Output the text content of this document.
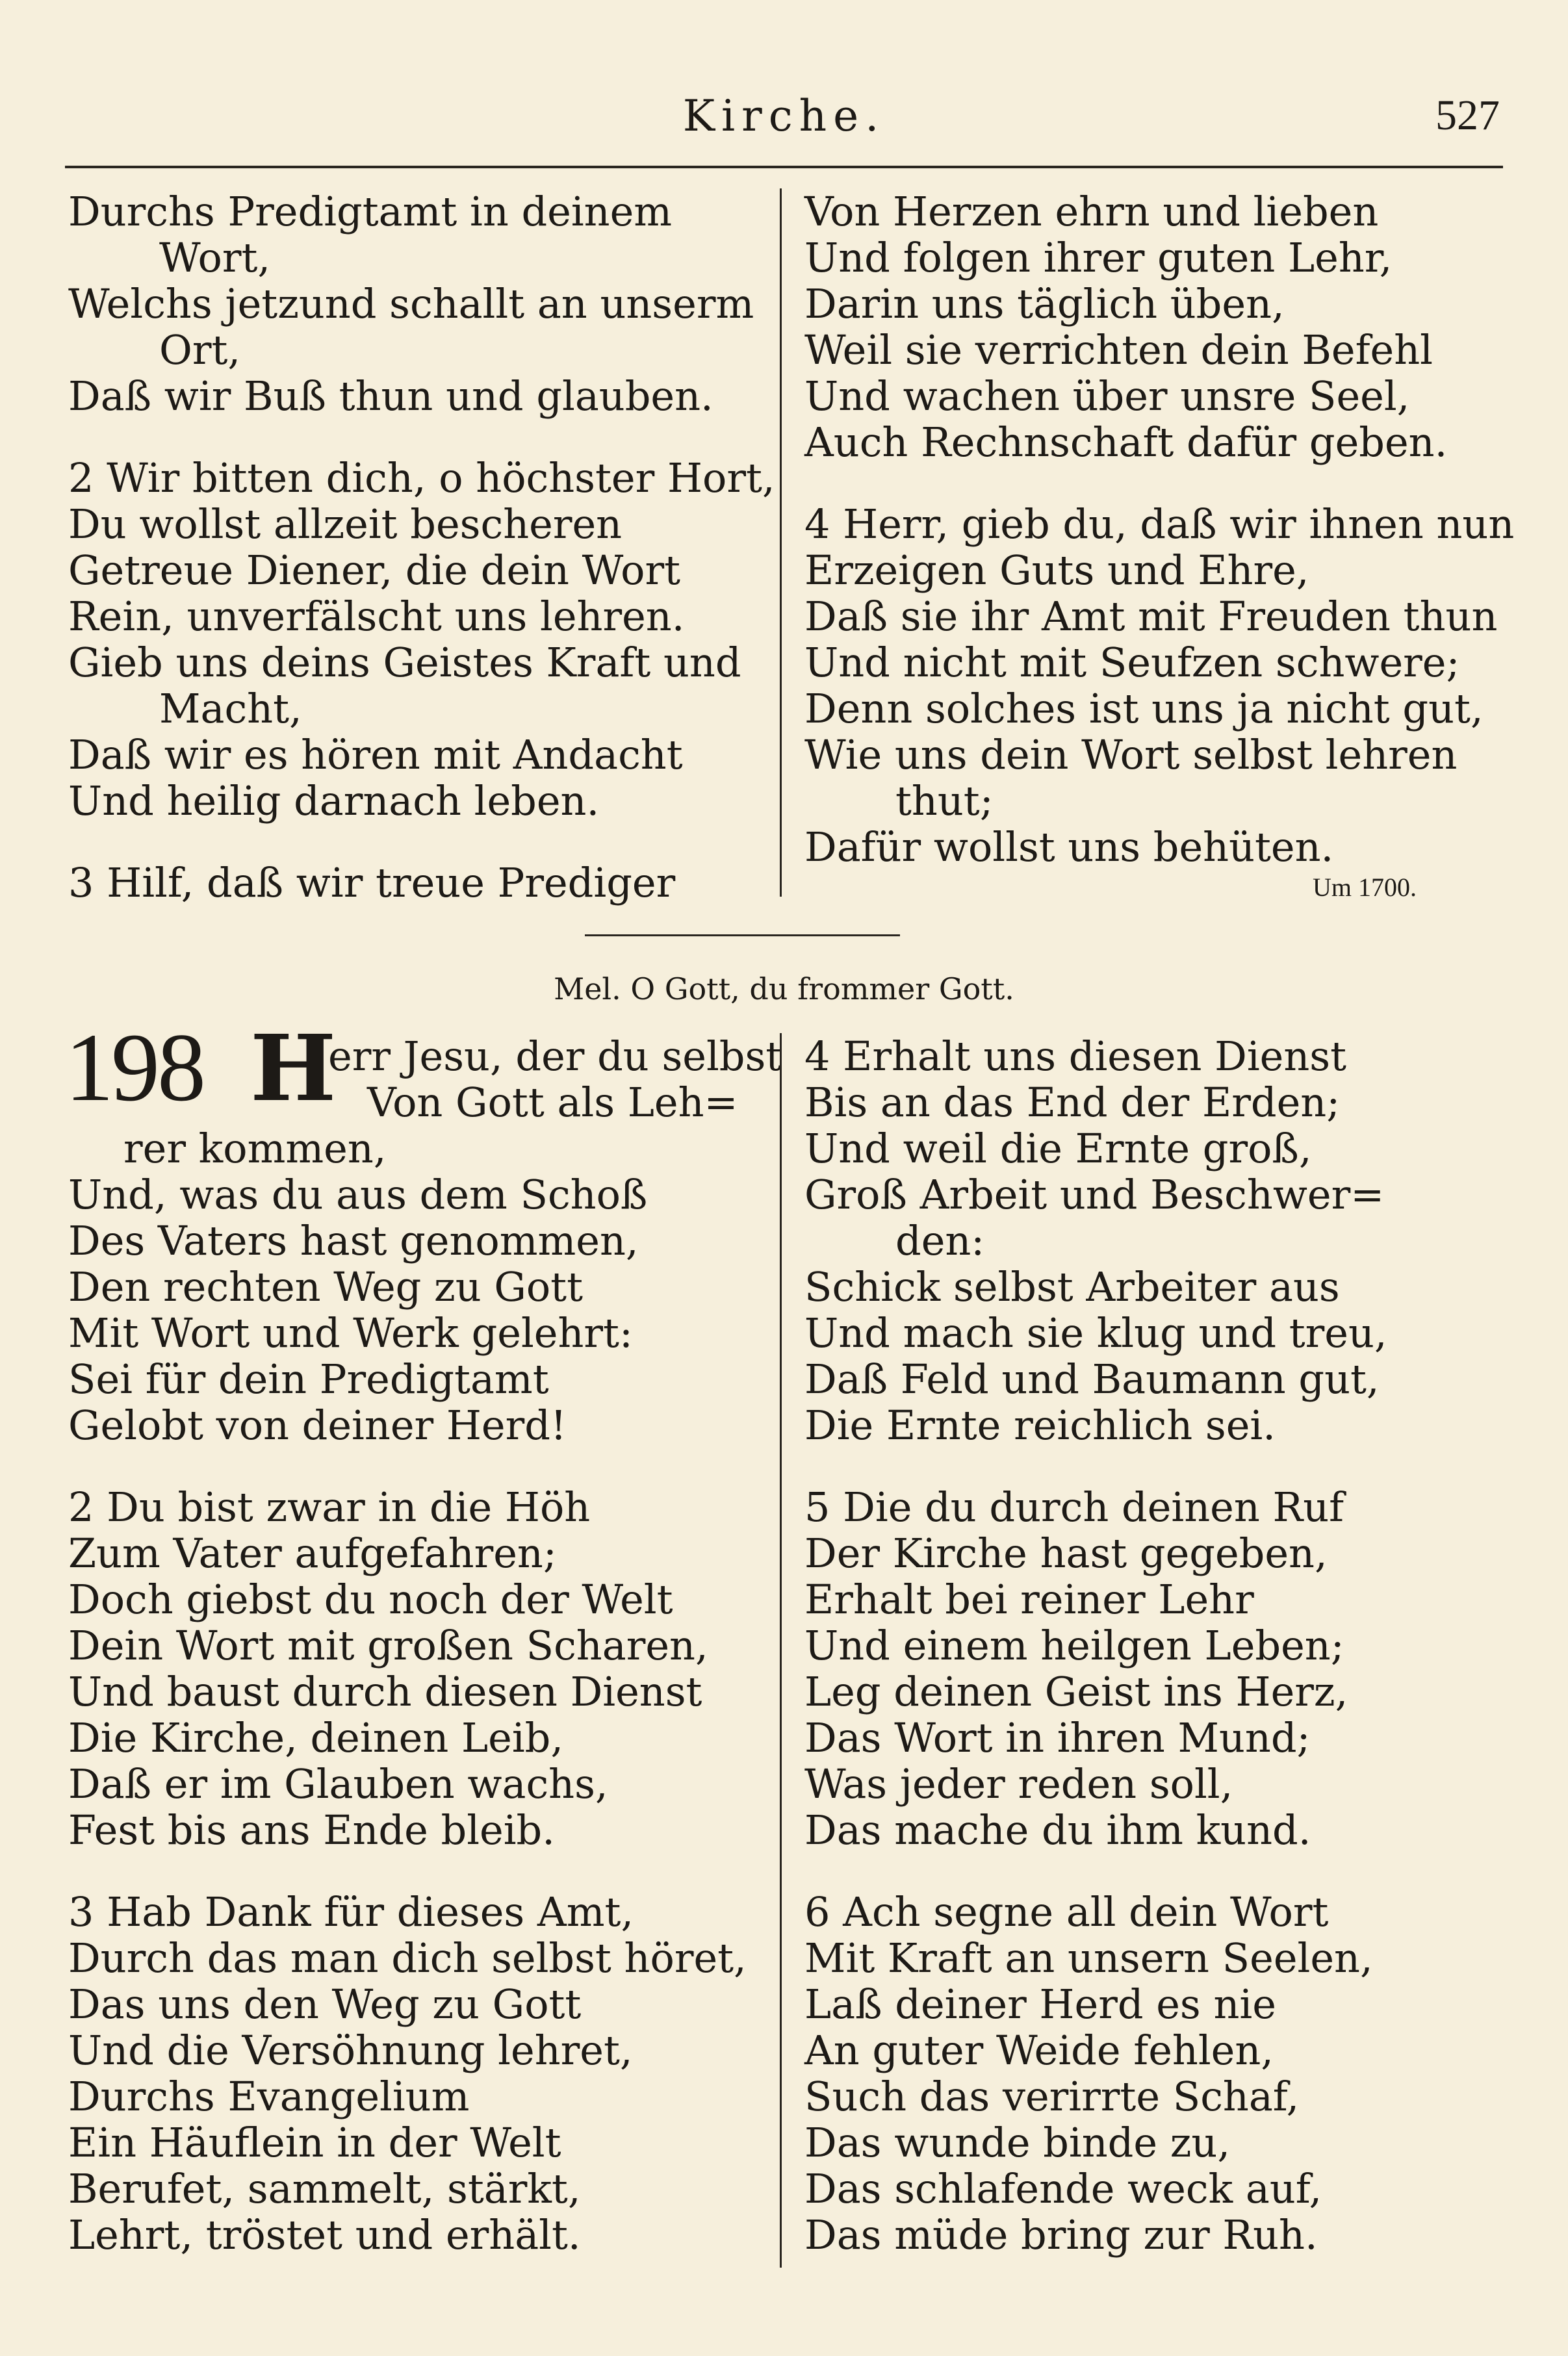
Kirche.	527
Durchs Predigtamt in deinem
Wort,
Welchs jetzund schallt an unserm
Ort,
Daß wir Buß thun und glauben.
2 Wir bitten dich, o höchster Hort,
Du wollst allzeit bescheren
Getreue Diener, die dein Wort
Rein, unverfälscht uns lehren.
Gieb uns deins Geistes Kraft und
Macht,
Daß wir es hören mit Andacht
Und heilig darnach leben.
3 Hilf, daß wir treue Prediger
Von Herzen ehrn und lieben
Und folgen ihrer guten Lehr,
Darin uns täglich üben,
Weil sie verrichten dein Befehl
Und wachen über unsre Seel,
Auch Rechnschaft dafür geben.
4 Herr, gieb du, daß wir ihnen nun
Erzeigen Guts und Ehre,
Daß sie ihr Amt mit Freuden thun
Und nicht mit Seufzen schwere;
Denn solches ist uns ja nicht gut,
Wie uns dein Wort selbst lehren
thut;
Dafür wollst uns behüten.
Um 1700.
Mel. O Gott, du frommer Gott.
198 H
err Jesu, der du selbst
Von Gott als Leh=
rer kommen,
Und, was du aus dem Schoß
Des Vaters hast genommen,
Den rechten Weg zu Gott
Mit Wort und Werk gelehrt:
Sei für dein Predigtamt
Gelobt von deiner Herd!
2 Du bist zwar in die Höh
Zum Vater aufgefahren;
Doch giebst du noch der Welt
Dein Wort mit großen Scharen,
Und baust durch diesen Dienst
Die Kirche, deinen Leib,
Daß er im Glauben wachs,
Fest bis ans Ende bleib.
3 Hab Dank für dieses Amt,
Durch das man dich selbst höret,
Das uns den Weg zu Gott
Und die Versöhnung lehret,
Durchs Evangelium
Ein Häuflein in der Welt
Berufet, sammelt, stärkt,
Lehrt, tröstet und erhält.
4 Erhalt uns diesen Dienst
Bis an das End der Erden;
Und weil die Ernte groß,
Groß Arbeit und Beschwer=
den:
Schick selbst Arbeiter aus
Und mach sie klug und treu,
Daß Feld und Baumann gut,
Die Ernte reichlich sei.
5 Die du durch deinen Ruf
Der Kirche hast gegeben,
Erhalt bei reiner Lehr
Und einem heilgen Leben;
Leg deinen Geist ins Herz,
Das Wort in ihren Mund;
Was jeder reden soll,
Das mache du ihm kund.
6 Ach segne all dein Wort
Mit Kraft an unsern Seelen,
Laß deiner Herd es nie
An guter Weide fehlen,
Such das verirrte Schaf,
Das wunde binde zu,
Das schlafende weck auf,
Das müde bring zur Ruh.
